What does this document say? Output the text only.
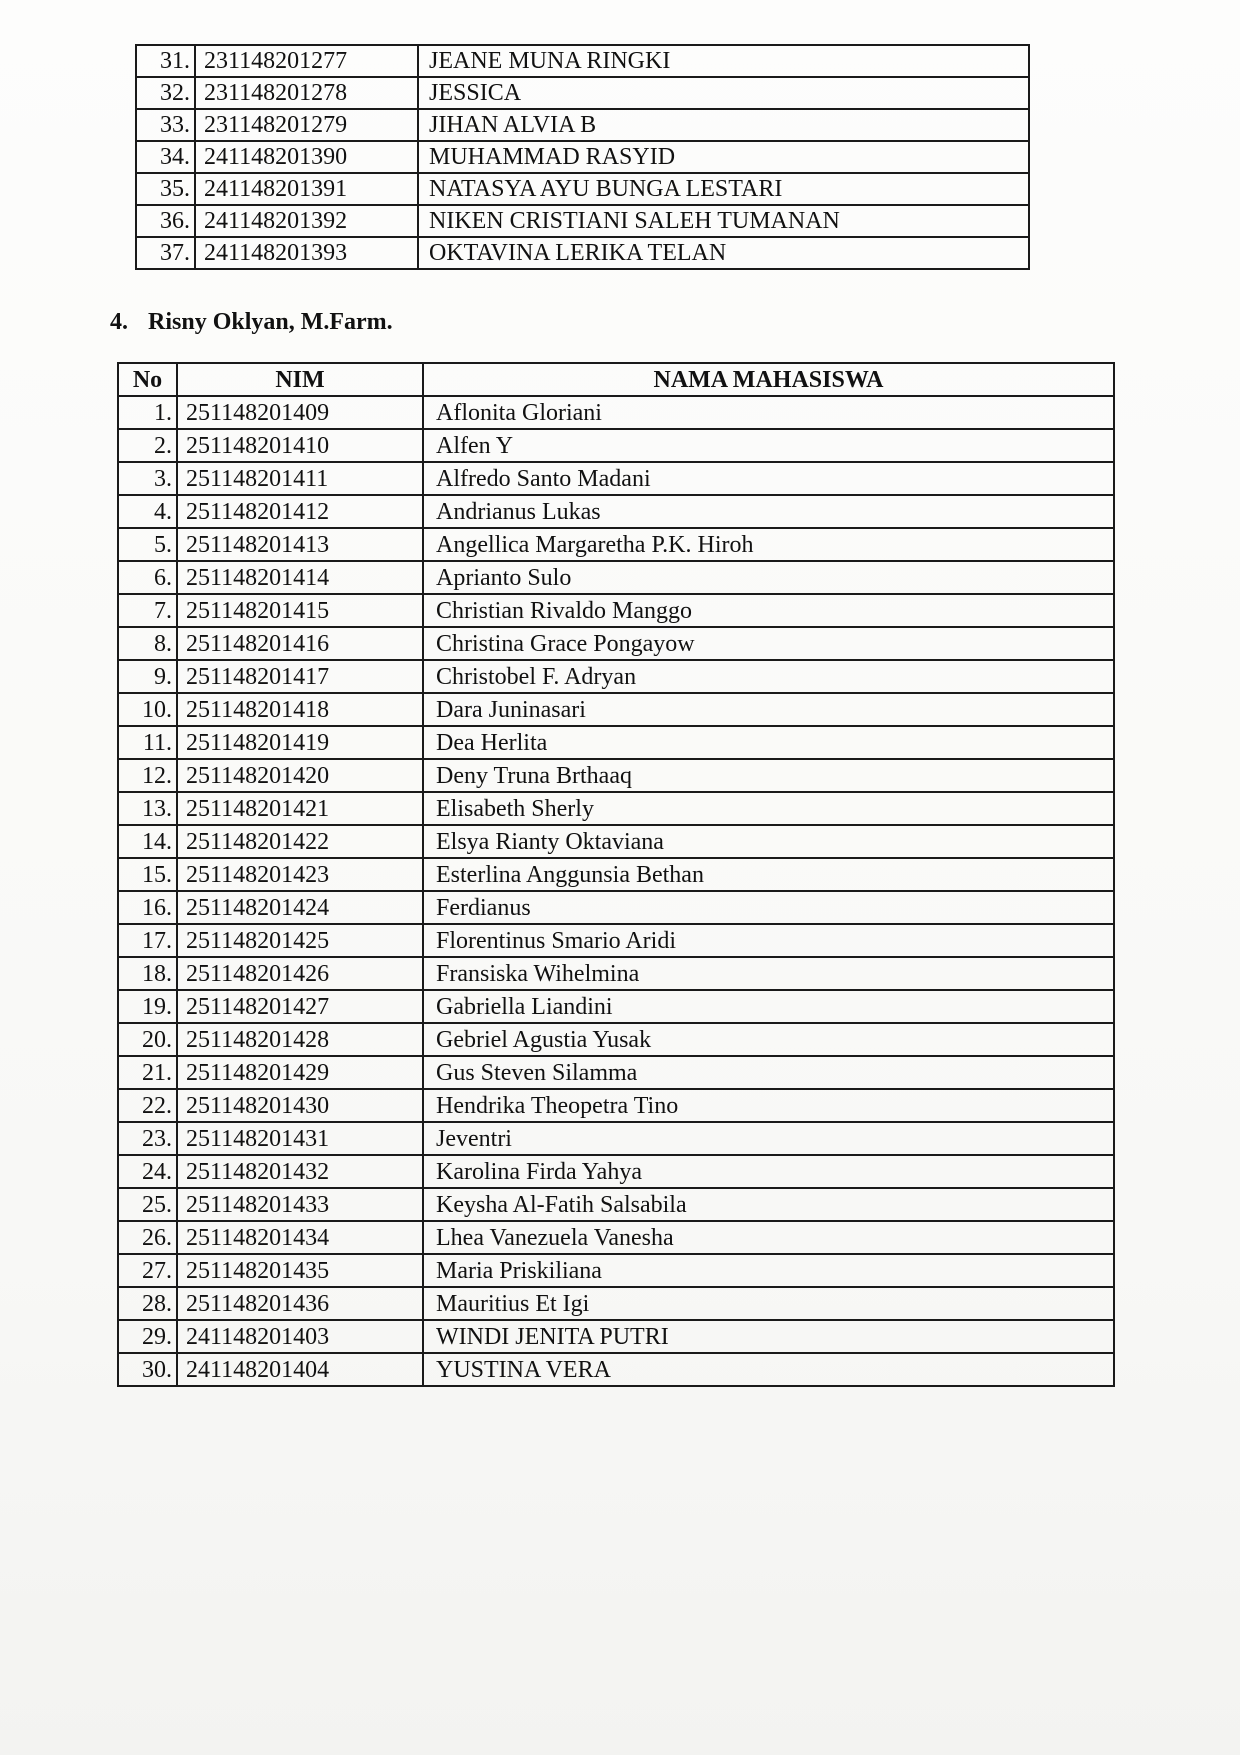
31.	231148201277	JEANE MUNA RINGKI
32.	231148201278	JESSICA
33.	231148201279	JIHAN ALVIA B
34.	241148201390	MUHAMMAD RASYID
35.	241148201391	NATASYA AYU BUNGA LESTARI
36.	241148201392	NIKEN CRISTIANI SALEH TUMANAN
37.	241148201393	OKTAVINA LERIKA TELAN
4. Risny Oklyan, M.Farm.
No	NIM	NAMA MAHASISWA
1.	251148201409	Aflonita Gloriani
2.	251148201410	Alfen Y
3.	251148201411	Alfredo Santo Madani
4.	251148201412	Andrianus Lukas
5.	251148201413	Angellica Margaretha P.K. Hiroh
6.	251148201414	Aprianto Sulo
7.	251148201415	Christian Rivaldo Manggo
8.	251148201416	Christina Grace Pongayow
9.	251148201417	Christobel F. Adryan
10.	251148201418	Dara Juninasari
11.	251148201419	Dea Herlita
12.	251148201420	Deny Truna Brthaaq
13.	251148201421	Elisabeth Sherly
14.	251148201422	Elsya Rianty Oktaviana
15.	251148201423	Esterlina Anggunsia Bethan
16.	251148201424	Ferdianus
17.	251148201425	Florentinus Smario Aridi
18.	251148201426	Fransiska Wihelmina
19.	251148201427	Gabriella Liandini
20.	251148201428	Gebriel Agustia Yusak
21.	251148201429	Gus Steven Silamma
22.	251148201430	Hendrika Theopetra Tino
23.	251148201431	Jeventri
24.	251148201432	Karolina Firda Yahya
25.	251148201433	Keysha Al-Fatih Salsabila
26.	251148201434	Lhea Vanezuela Vanesha
27.	251148201435	Maria Priskiliana
28.	251148201436	Mauritius Et Igi
29.	241148201403	WINDI JENITA PUTRI
30.	241148201404	YUSTINA VERA
